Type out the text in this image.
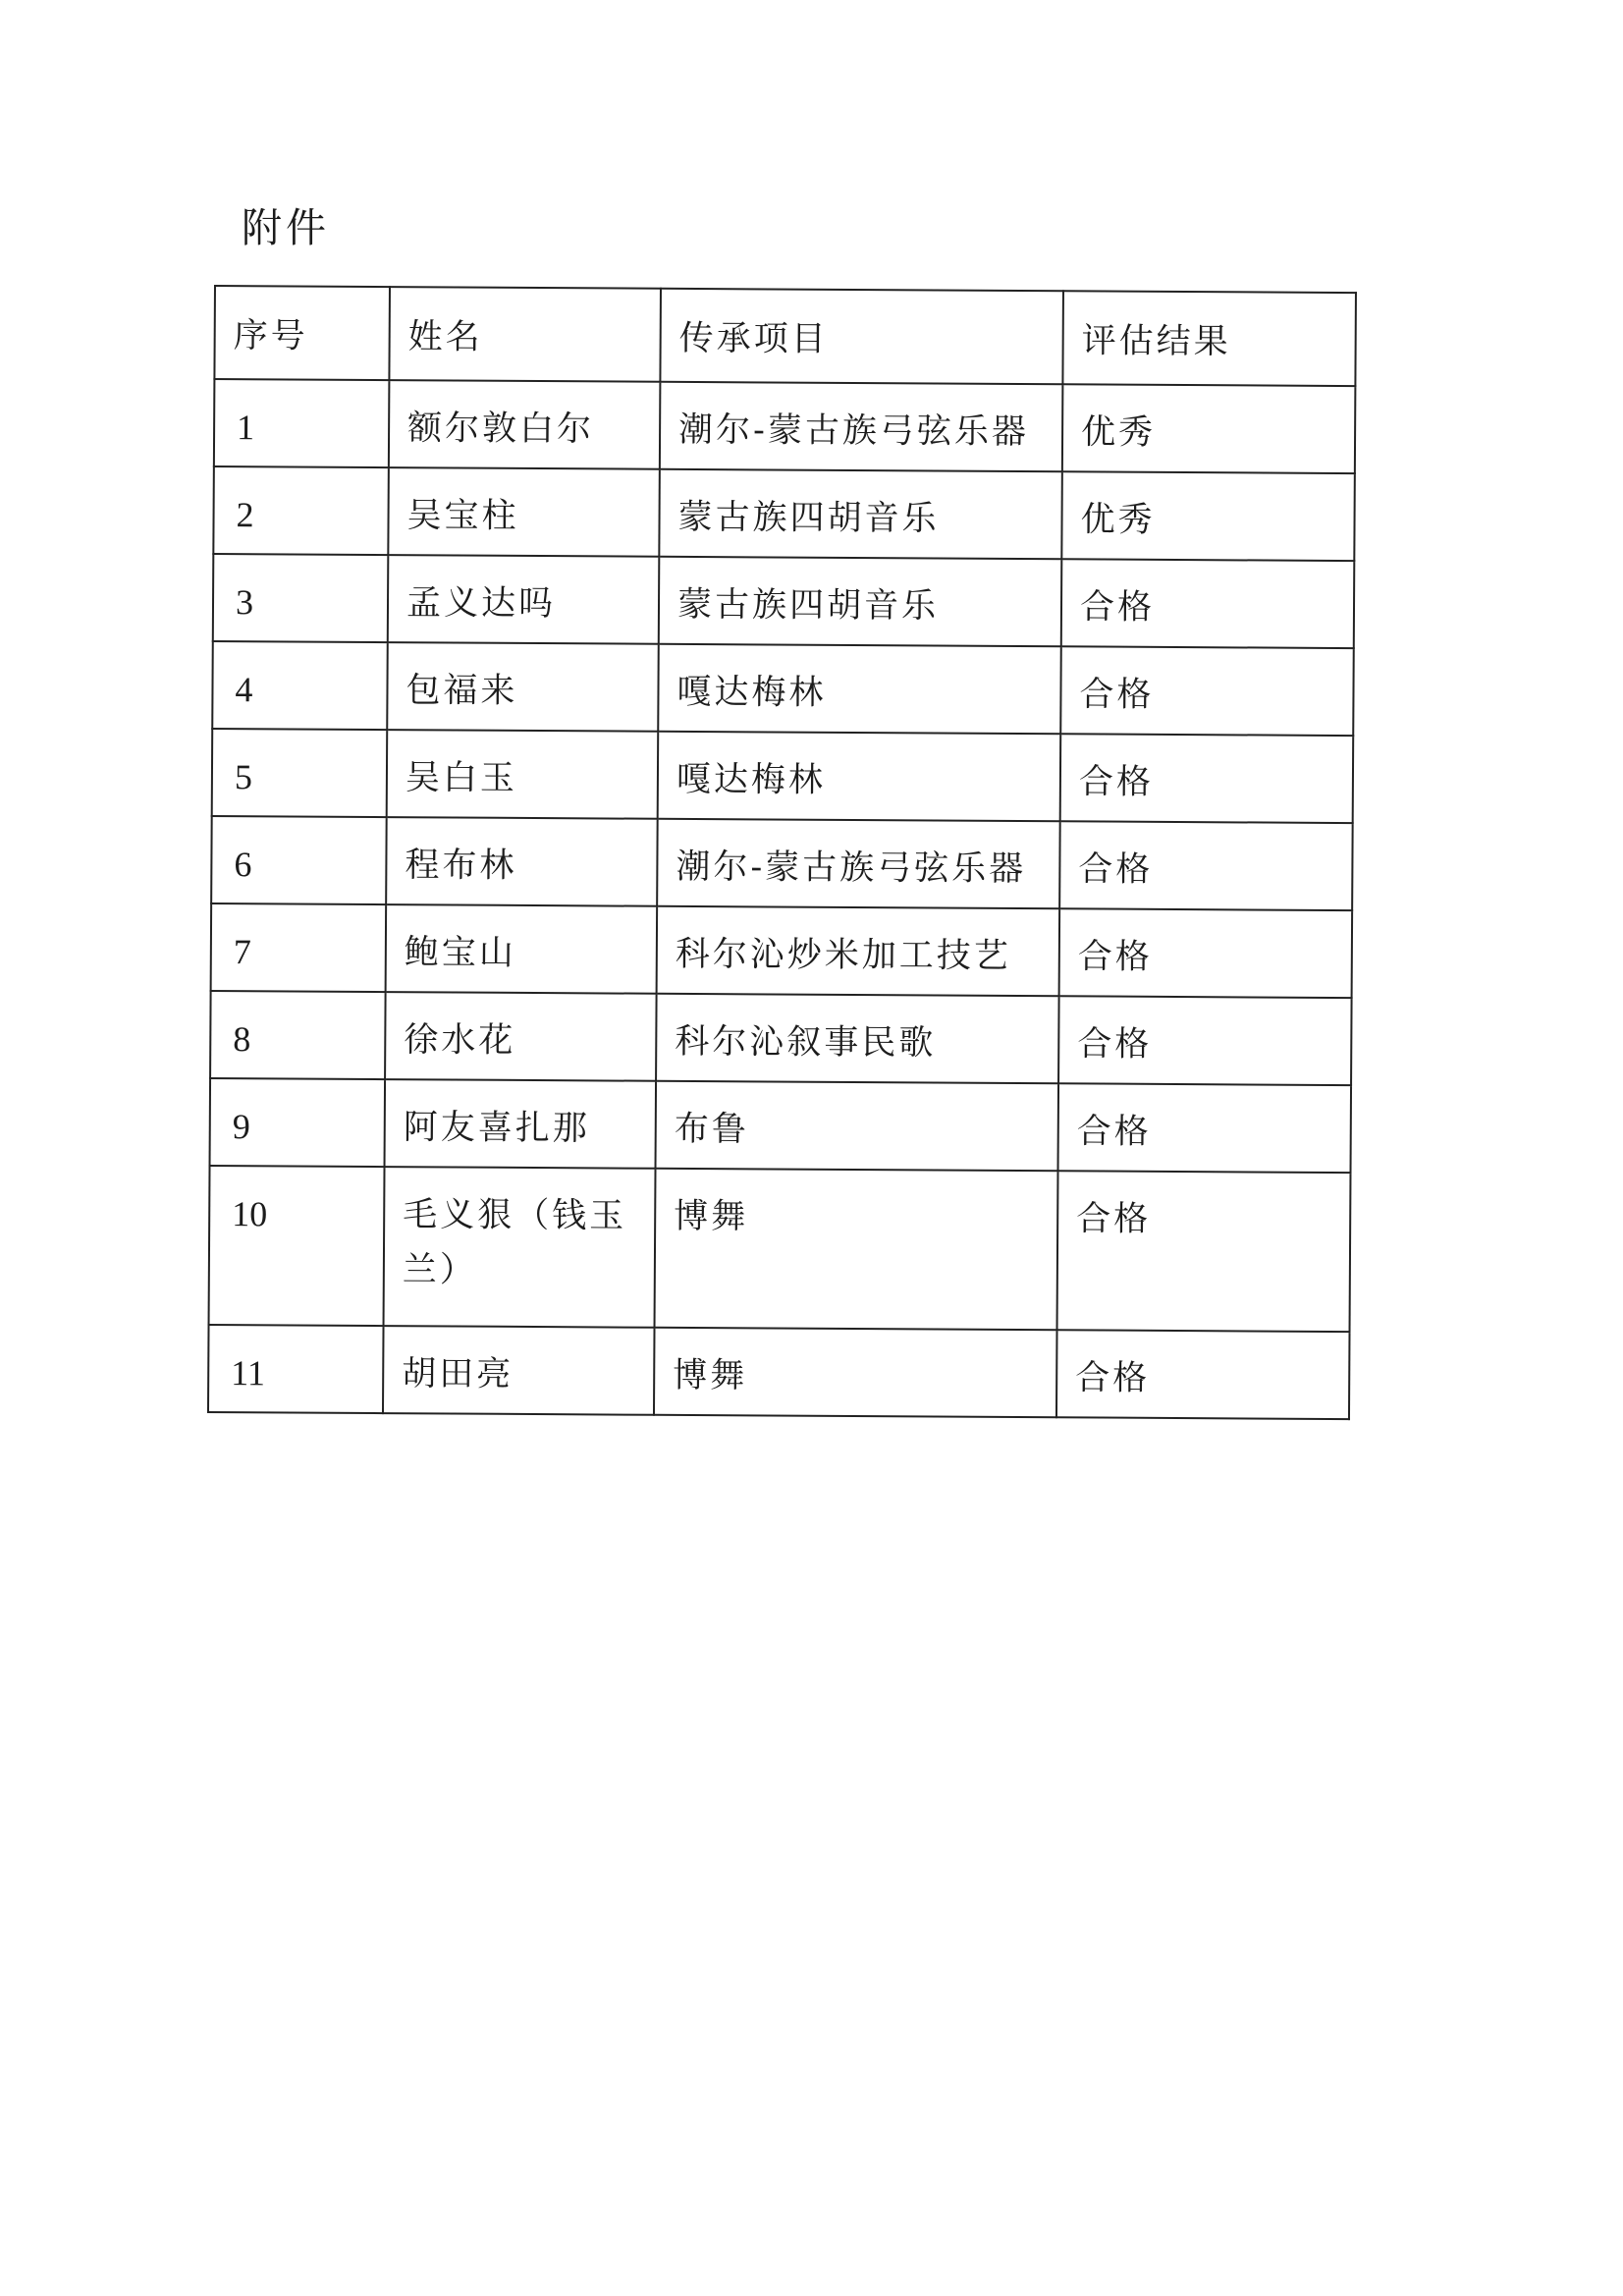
附件
序号	姓名	传承项目	评估结果
1	额尔敦白尔	潮尔-蒙古族弓弦乐器	优秀
2	吴宝柱	蒙古族四胡音乐	优秀
3	孟义达吗	蒙古族四胡音乐	合格
4	包福来	嘎达梅林	合格
5	吴白玉	嘎达梅林	合格
6	程布林	潮尔-蒙古族弓弦乐器	合格
7	鲍宝山	科尔沁炒米加工技艺	合格
8	徐水花	科尔沁叙事民歌	合格
9	阿友喜扎那	布鲁	合格
10	毛义狠（钱玉兰）	博舞	合格
11	胡田亮	博舞	合格
